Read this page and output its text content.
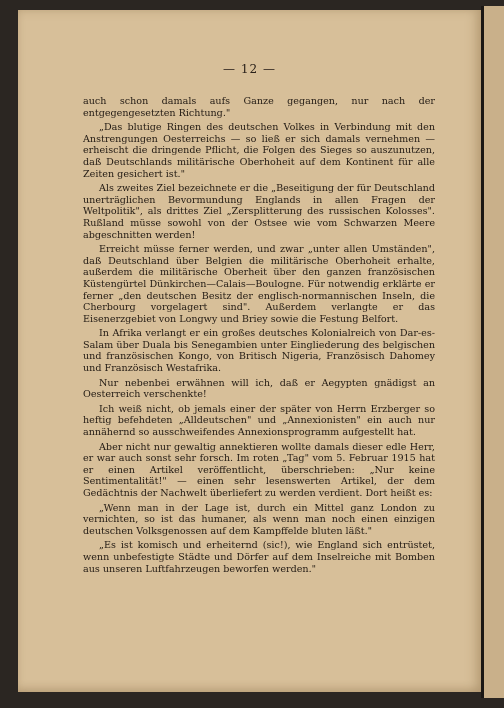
— 12 —

auch schon damals aufs Ganze gegangen, nur nach der entgegengesetzten Richtung."

„Das blutige Ringen des deutschen Volkes in Verbindung mit den Anstrengungen Oesterreichs — so ließ er sich damals vernehmen — erheischt die dringende Pflicht, die Folgen des Sieges so auszunutzen, daß Deutschlands militärische Oberhoheit auf dem Kontinent für alle Zeiten gesichert ist."

Als zweites Ziel bezeichnete er die „Beseitigung der für Deutschland unerträglichen Bevormundung Englands in allen Fragen der Weltpolitik", als drittes Ziel „Zersplitterung des russischen Kolosses". Rußland müsse sowohl von der Ostsee wie vom Schwarzen Meere abgeschnitten werden!

Erreicht müsse ferner werden, und zwar „unter allen Umständen", daß Deutschland über Belgien die militärische Oberhoheit erhalte, außerdem die militärische Oberheit über den ganzen französischen Küstengürtel Dünkirchen—Calais—Boulogne. Für notwendig erklärte er ferner „den deutschen Besitz der englisch-normannischen Inseln, die Cherbourg vorgelagert sind". Außerdem verlangte er das Eisenerzgebiet von Longwy und Briey sowie die Festung Belfort.

In Afrika verlangt er ein großes deutsches Kolonialreich von Dar-es-Salam über Duala bis Senegambien unter Eingliederung des belgischen und französischen Kongo, von Britisch Nigeria, Französisch Dahomey und Französisch Westafrika.

Nur nebenbei erwähnen will ich, daß er Aegypten gnädigst an Oesterreich verschenkte!

Ich weiß nicht, ob jemals einer der später von Herrn Erzberger so heftig befehdeten „Alldeutschen" und „Annexionisten" ein auch nur annähernd so ausschweifendes Annexionsprogramm aufgestellt hat.

Aber nicht nur gewaltig annektieren wollte damals dieser edle Herr, er war auch sonst sehr forsch. Im roten „Tag" vom 5. Februar 1915 hat er einen Artikel veröffentlicht, überschrieben: „Nur keine Sentimentalität!" — einen sehr lesenswerten Artikel, der dem Gedächtnis der Nachwelt überliefert zu werden verdient. Dort heißt es:

„Wenn man in der Lage ist, durch ein Mittel ganz London zu vernichten, so ist das humaner, als wenn man noch einen einzigen deutschen Volksgenossen auf dem Kampffelde bluten läßt."

„Es ist komisch und erheiternd (sic!), wie England sich entrüstet, wenn unbefestigte Städte und Dörfer auf dem Inselreiche mit Bomben aus unseren Luftfahrzeugen beworfen werden."
